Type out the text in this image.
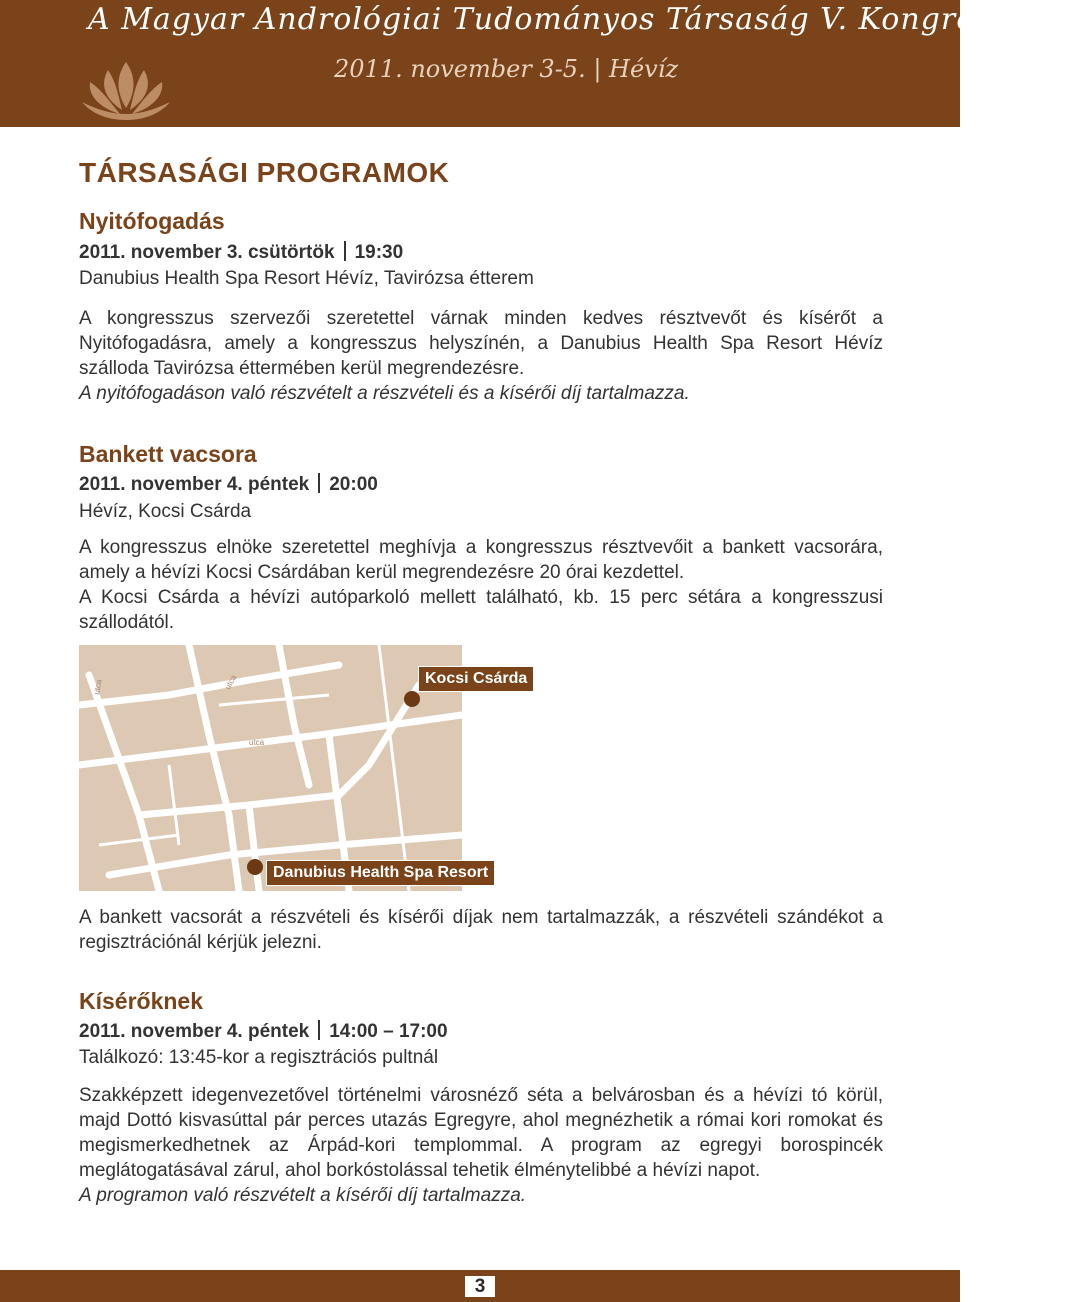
A Magyar Andrológiai Tudományos Társaság V. Kongresszusa
2011. november 3-5. | Hévíz
TÁRSASÁGI PROGRAMOK
Nyitófogadás
2011. november 3. csütörtök 19:30
Danubius Health Spa Resort Hévíz, Tavirózsa étterem

A kongresszus szervezői szeretettel várnak minden kedves résztvevőt és kísérőt a Nyitófogadásra, amely a kongresszus helyszínén, a Danubius Health Spa Resort Hévíz szálloda Tavirózsa éttermében kerül megrendezésre.

A nyitófogadáson való részvételt a részvételi és a kísérői díj tartalmazza.

Bankett vacsora
2011. november 4. péntek 20:00
Hévíz, Kocsi Csárda

A kongresszus elnöke szeretettel meghívja a kongresszus résztvevőit a bankett vacsorára, amely a hévízi Kocsi Csárdában kerül megrendezésre 20 órai kezdettel.

A Kocsi Csárda a hévízi autóparkoló mellett található, kb. 15 perc sétára a kongresszusi szállodától.

utca	utca
utca
Kocsi Csárda
Danubius Health Spa Resort
A bankett vacsorát a részvételi és kísérői díjak nem tartalmazzák, a részvételi szándékot a regisztrációnál kérjük jelezni.
Kísérőknek
2011. november 4. péntek 14:00 – 17:00
Találkozó: 13:45-kor a regisztrációs pultnál

Szakképzett idegenvezetővel történelmi városnéző séta a belvárosban és a hévízi tó körül, majd Dottó kisvasúttal pár perces utazás Egregyre, ahol megnézhetik a római kori romokat és megismerkedhetnek az Árpád-kori templommal. A program az egregyi borospincék meglátogatásával zárul, ahol borkóstolással tehetik élménytelibbé a hévízi napot.

A programon való részvételt a kísérői díj tartalmazza.

3
